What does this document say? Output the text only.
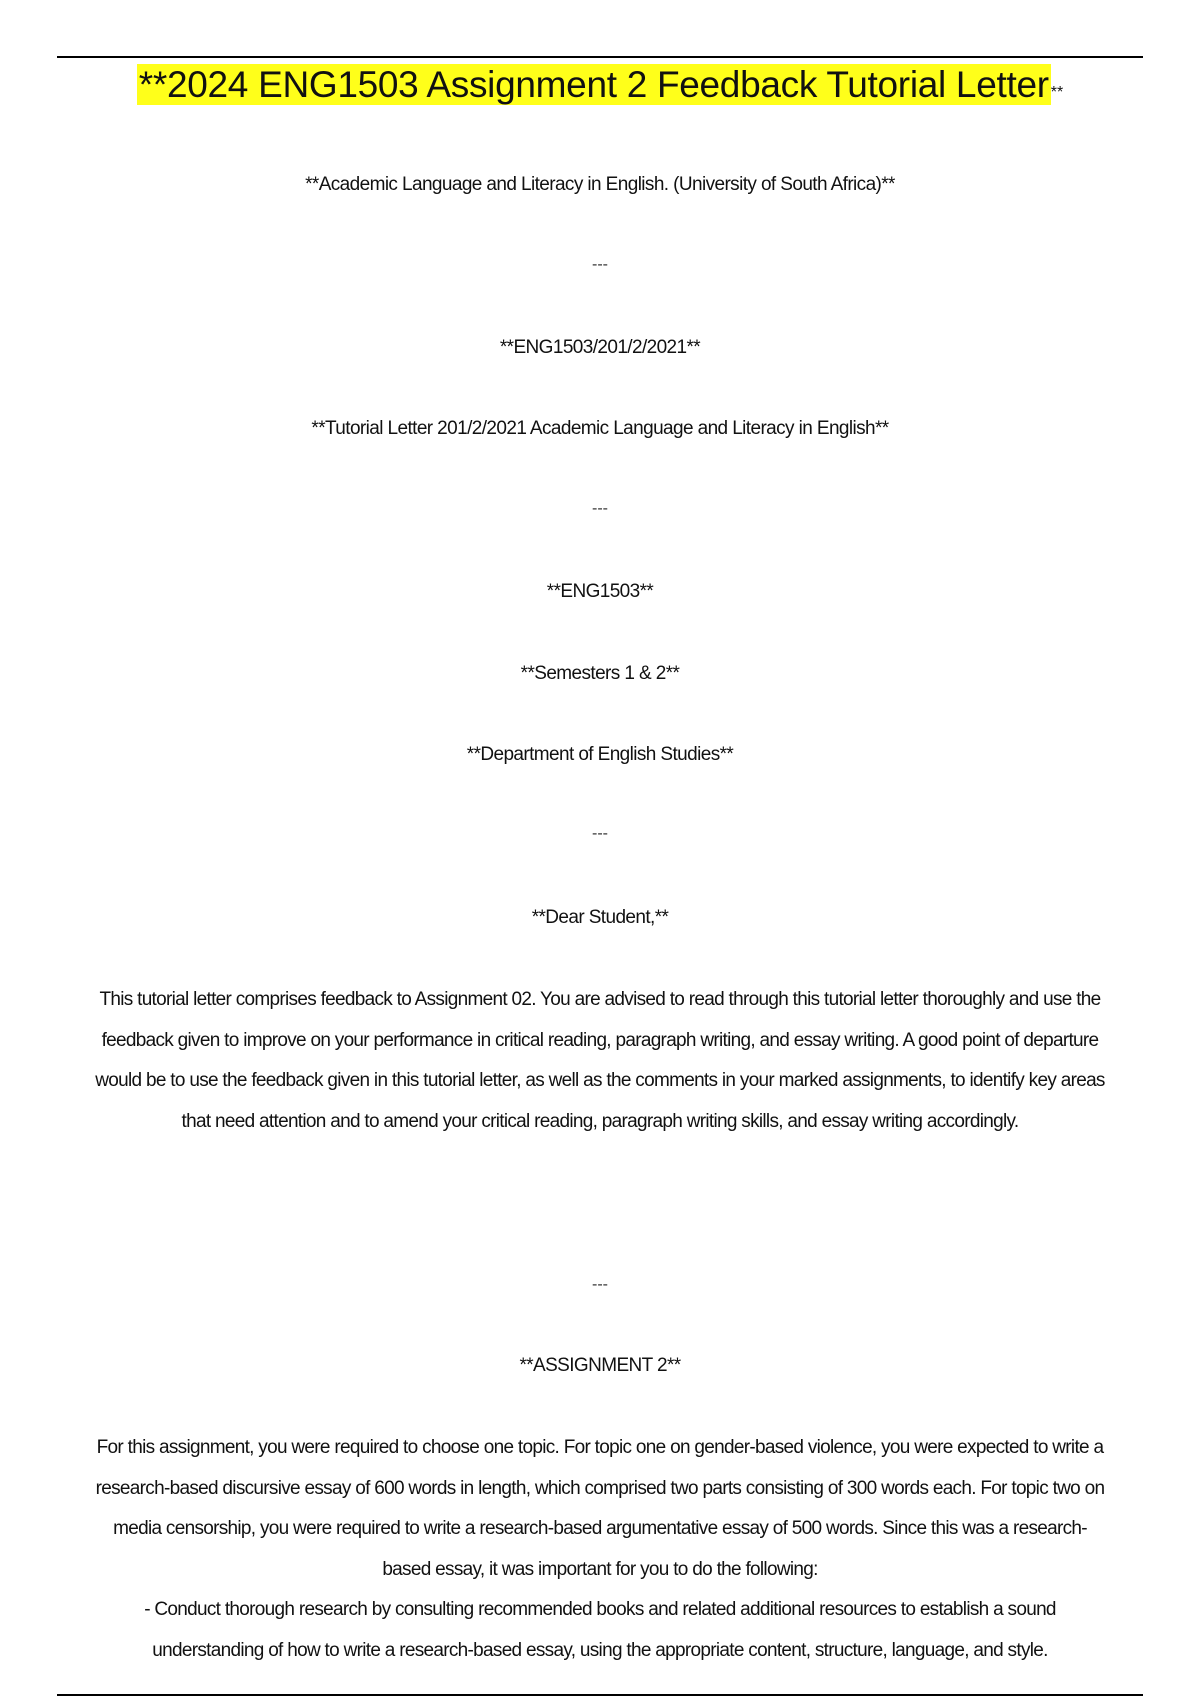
**2024 ENG1503 Assignment 2 Feedback Tutorial Letter **
**Academic Language and Literacy in English. (University of South Africa)**
---
**ENG1503/201/2/2021**
**Tutorial Letter 201/2/2021 Academic Language and Literacy in English**
---
**ENG1503**
**Semesters 1 & 2**
**Department of English Studies**
---
**Dear Student,**
This tutorial letter comprises feedback to Assignment 02. You are advised to read through this tutorial letter thoroughly and use the feedback given to improve on your performance in critical reading, paragraph writing, and essay writing. A good point of departure would be to use the feedback given in this tutorial letter, as well as the comments in your marked assignments, to identify key areas that need attention and to amend your critical reading, paragraph writing skills, and essay writing accordingly.
---
**ASSIGNMENT 2**
For this assignment, you were required to choose one topic. For topic one on gender-based violence, you were expected to write a research-based discursive essay of 600 words in length, which comprised two parts consisting of 300 words each. For topic two on media censorship, you were required to write a research-based argumentative essay of 500 words. Since this was a research-based essay, it was important for you to do the following:
- Conduct thorough research by consulting recommended books and related additional resources to establish a sound understanding of how to write a research-based essay, using the appropriate content, structure, language, and style.
